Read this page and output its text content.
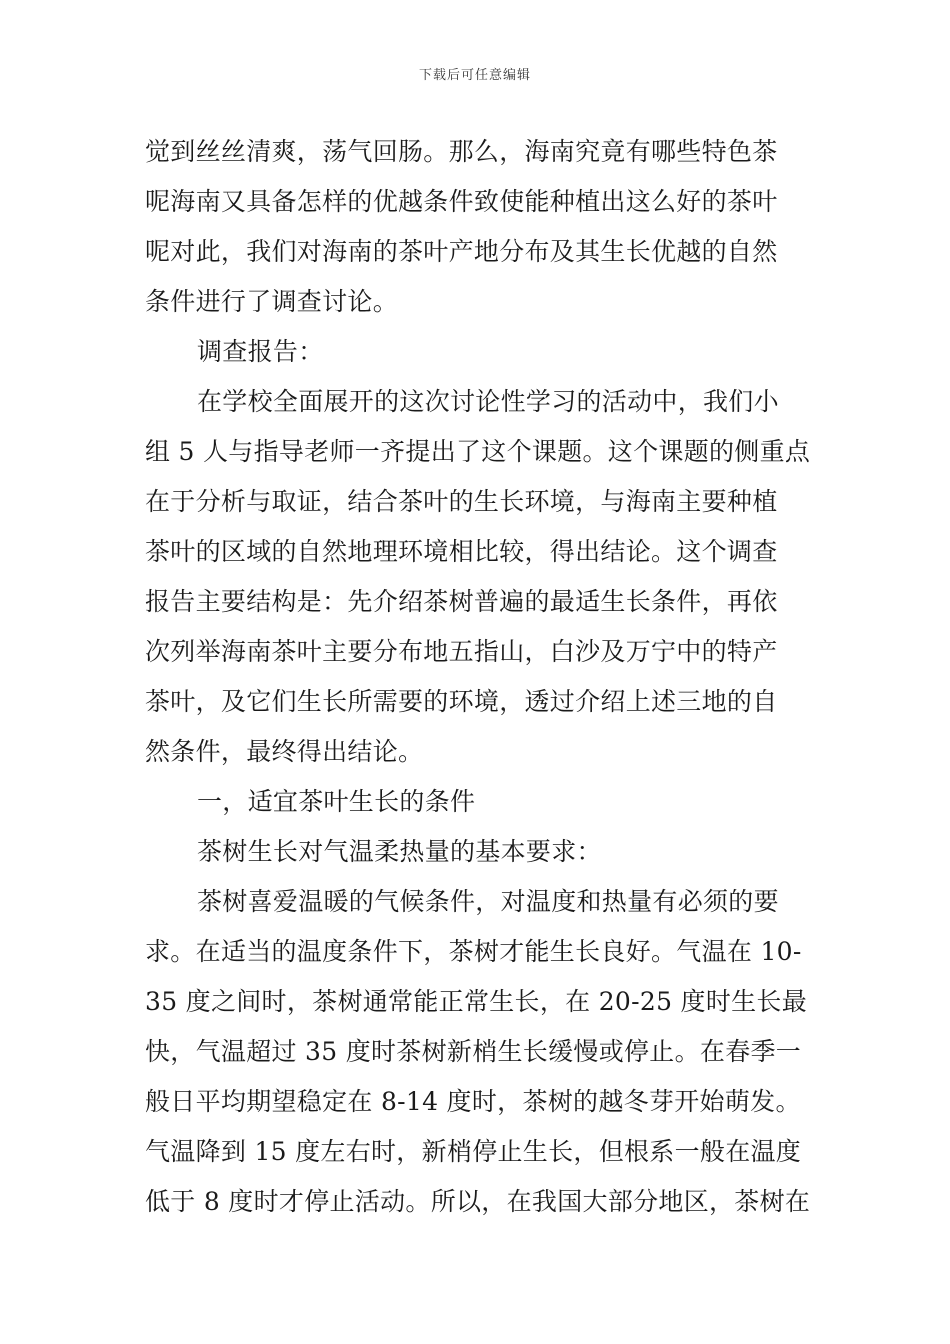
下载后可任意编辑
觉到丝丝清爽，荡气回肠。那么，海南究竟有哪些特色茶
呢海南又具备怎样的优越条件致使能种植出这么好的茶叶
呢对此，我们对海南的茶叶产地分布及其生长优越的自然
条件进行了调查讨论。
调查报告：
在学校全面展开的这次讨论性学习的活动中，我们小
组 5 人与指导老师一齐提出了这个课题。这个课题的侧重点
在于分析与取证，结合茶叶的生长环境，与海南主要种植
茶叶的区域的自然地理环境相比较，得出结论。这个调查
报告主要结构是：先介绍茶树普遍的最适生长条件，再依
次列举海南茶叶主要分布地五指山，白沙及万宁中的特产
茶叶，及它们生长所需要的环境，透过介绍上述三地的自
然条件，最终得出结论。
一，适宜茶叶生长的条件
茶树生长对气温柔热量的基本要求：
茶树喜爱温暖的气候条件，对温度和热量有必须的要
求。在适当的温度条件下，茶树才能生长良好。气温在 10-
35 度之间时，茶树通常能正常生长，在 20-25 度时生长最
快，气温超过 35 度时茶树新梢生长缓慢或停止。在春季一
般日平均期望稳定在 8-14 度时，茶树的越冬芽开始萌发。
气温降到 15 度左右时，新梢停止生长，但根系一般在温度
低于 8 度时才停止活动。所以，在我国大部分地区，茶树在
